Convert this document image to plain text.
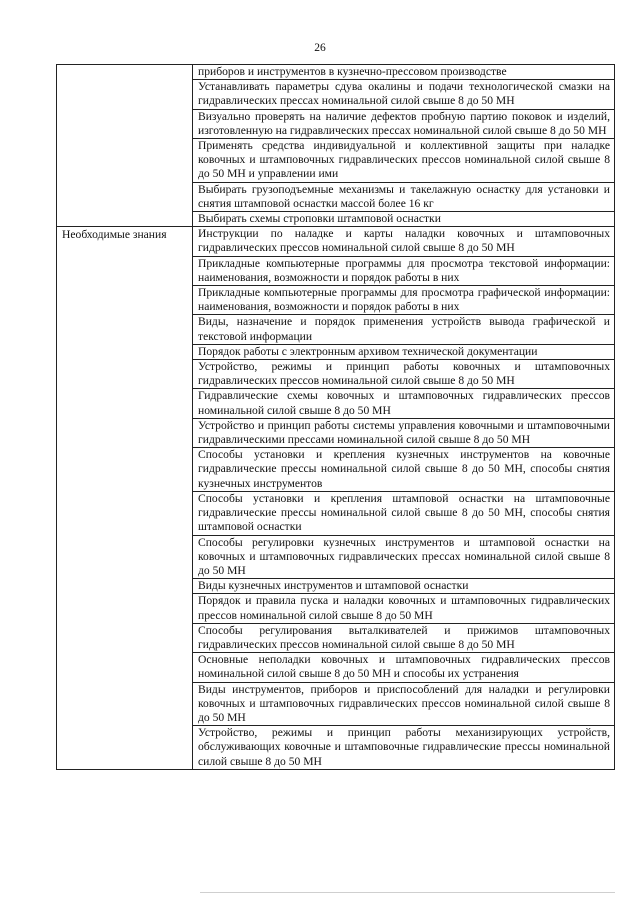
26
	приборов и инструментов в кузнечно-прессовом производстве
	Устанавливать параметры сдува окалины и подачи технологической смазки на гидравлических прессах номинальной силой свыше 8 до 50 МН
	Визуально проверять на наличие дефектов пробную партию поковок и изделий, изготовленную на гидравлических прессах номинальной силой свыше 8 до 50 МН
	Применять средства индивидуальной и коллективной защиты при наладке ковочных и штамповочных гидравлических прессов номинальной силой свыше 8 до 50 МН и управлении ими
	Выбирать грузоподъемные механизмы и такелажную оснастку для установки и снятия штамповой оснастки массой более 16 кг
	Выбирать схемы строповки штамповой оснастки

Необходимые знания	Инструкции по наладке и карты наладки ковочных и штамповочных гидравлических прессов номинальной силой свыше 8 до 50 МН
	Прикладные компьютерные программы для просмотра текстовой информации: наименования, возможности и порядок работы в них
	Прикладные компьютерные программы для просмотра графической информации: наименования, возможности и порядок работы в них
	Виды, назначение и порядок применения устройств вывода графической и текстовой информации
	Порядок работы с электронным архивом технической документации
	Устройство, режимы и принцип работы ковочных и штамповочных гидравлических прессов номинальной силой свыше 8 до 50 МН
	Гидравлические схемы ковочных и штамповочных гидравлических прессов номинальной силой свыше 8 до 50 МН
	Устройство и принцип работы системы управления ковочными и штамповочными гидравлическими прессами номинальной силой свыше 8 до 50 МН
	Способы установки и крепления кузнечных инструментов на ковочные гидравлические прессы номинальной силой свыше 8 до 50 МН, способы снятия кузнечных инструментов
	Способы установки и крепления штамповой оснастки на штамповочные гидравлические прессы номинальной силой свыше 8 до 50 МН, способы снятия штамповой оснастки
	Способы регулировки кузнечных инструментов и штамповой оснастки на ковочных и штамповочных гидравлических прессах номинальной силой свыше 8 до 50 МН
	Виды кузнечных инструментов и штамповой оснастки
	Порядок и правила пуска и наладки ковочных и штамповочных гидравлических прессов номинальной силой свыше 8 до 50 МН
	Способы регулирования выталкивателей и прижимов штамповочных гидравлических прессов номинальной силой свыше 8 до 50 МН
	Основные неполадки ковочных и штамповочных гидравлических прессов номинальной силой свыше 8 до 50 МН и способы их устранения
	Виды инструментов, приборов и приспособлений для наладки и регулировки ковочных и штамповочных гидравлических прессов номинальной силой свыше 8 до 50 МН
	Устройство, режимы и принцип работы механизирующих устройств, обслуживающих ковочные и штамповочные гидравлические прессы номинальной силой свыше 8 до 50 МН
